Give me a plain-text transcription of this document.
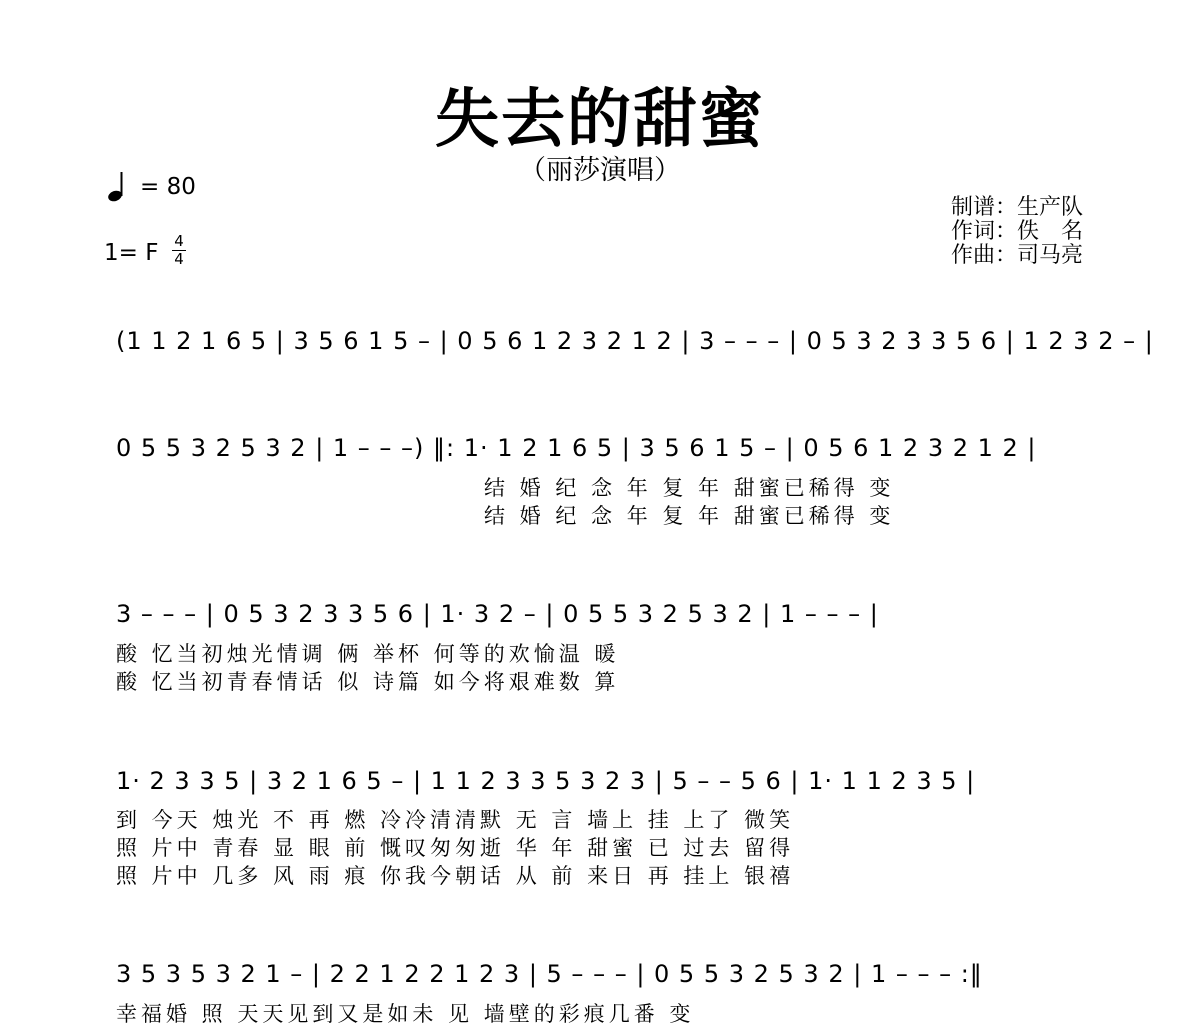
失去的甜蜜
（丽莎演唱）
= 80
1= F 4
4
制谱：生产队
作词：佚　名
作曲：司马亮
(1 1 2 1 6 5 | 3 5 6 1 5 – | 0 5 6 1 2 3 2 1 2 | 3 – – – | 0 5 3 2 3 3 5 6 | 1 2 3 2 – |
0 5 5 3 2 5 3 2 | 1 – – –) ‖: 1· 1 2 1 6 5 | 3 5 6 1 5 – | 0 5 6 1 2 3 2 1 2 |
结 婚 纪 念 年 复 年 甜蜜已稀得 变
结 婚 纪 念 年 复 年 甜蜜已稀得 变
3 – – – | 0 5 3 2 3 3 5 6 | 1· 3 2 – | 0 5 5 3 2 5 3 2 | 1 – – – |
酸 忆当初烛光情调 俩 举杯 何等的欢愉温 暖
酸 忆当初青春情话 似 诗篇 如今将艰难数 算
1· 2 3 3 5 | 3 2 1 6 5 – | 1 1 2 3 3 5 3 2 3 | 5 – – 5 6 | 1· 1 1 2 3 5 |
到 今天 烛光 不 再 燃 冷冷清清默 无 言 墙上 挂 上了 微笑
照 片中 青春 显 眼 前 慨叹匆匆逝 华 年 甜蜜 已 过去 留得
照 片中 几多 风 雨 痕 你我今朝话 从 前 来日 再 挂上 银禧
3 5 3 5 3 2 1 – | 2 2 1 2 2 1 2 3 | 5 – – – | 0 5 5 3 2 5 3 2 | 1 – – – :‖
幸福婚 照 天天见到又是如未 见 墙壁的彩痕几番 变
